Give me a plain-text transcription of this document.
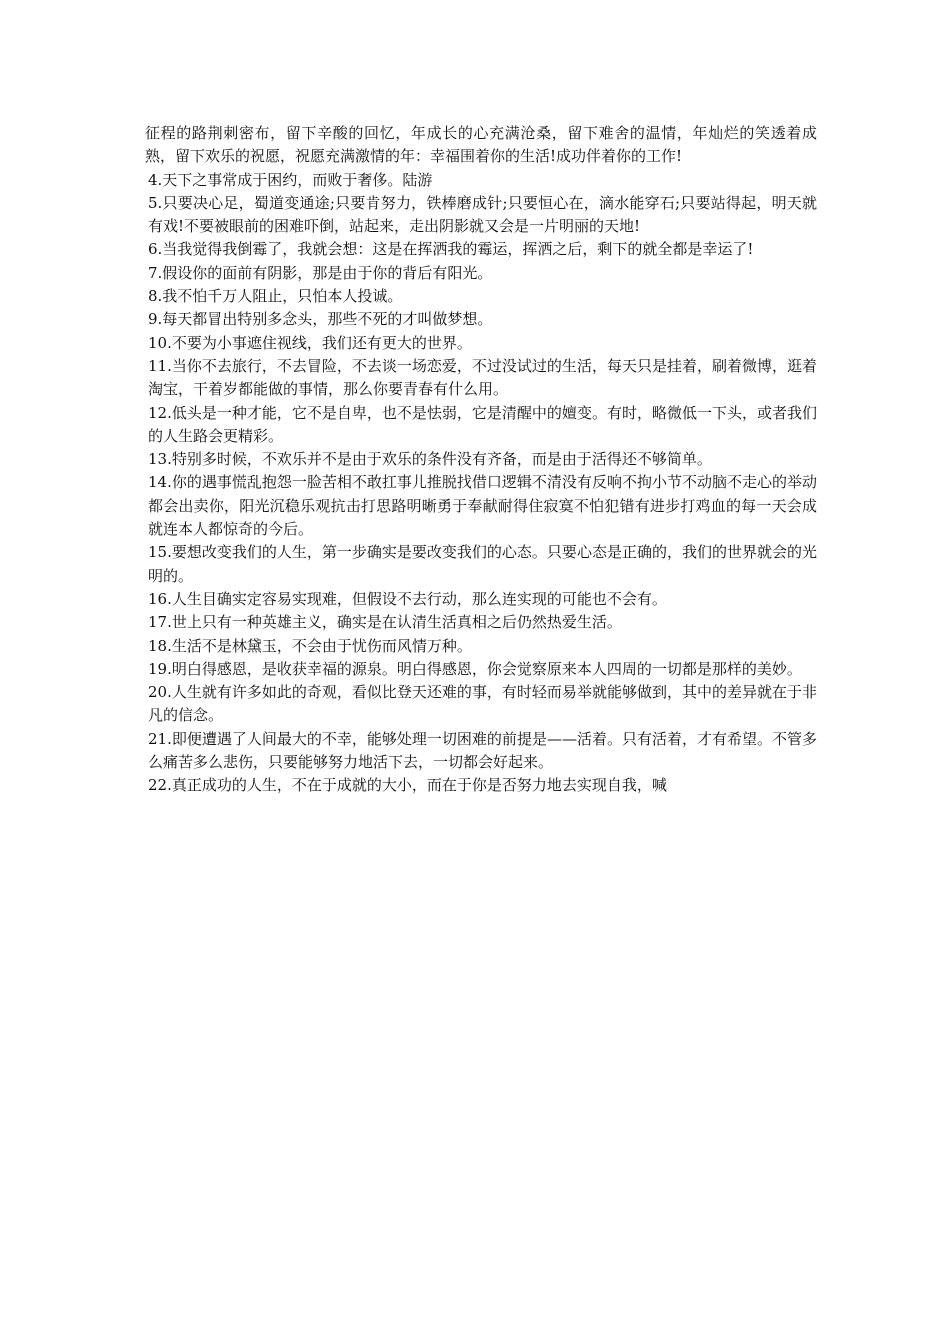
征程的路荆刺密布，留下辛酸的回忆，年成长的心充满沧桑，留下难舍的温情，年灿烂的笑透着成熟，留下欢乐的祝愿，祝愿充满激情的年：幸福围着你的生活!成功伴着你的工作!

4.天下之事常成于困约，而败于奢侈。陆游

5.只要决心足，蜀道变通途;只要肯努力，铁棒磨成针;只要恒心在，滴水能穿石;只要站得起，明天就有戏!不要被眼前的困难吓倒，站起来，走出阴影就又会是一片明丽的天地!

6.当我觉得我倒霉了，我就会想：这是在挥洒我的霉运，挥洒之后，剩下的就全都是幸运了!

7.假设你的面前有阴影，那是由于你的背后有阳光。

8.我不怕千万人阻止，只怕本人投诚。

9.每天都冒出特别多念头，那些不死的才叫做梦想。

10.不要为小事遮住视线，我们还有更大的世界。

11.当你不去旅行，不去冒险，不去谈一场恋爱，不过没试过的生活，每天只是挂着，刷着微博，逛着淘宝，干着岁都能做的事情，那么你要青春有什么用。

12.低头是一种才能，它不是自卑，也不是怯弱，它是清醒中的嬗变。有时，略微低一下头，或者我们的人生路会更精彩。

13.特别多时候，不欢乐并不是由于欢乐的条件没有齐备，而是由于活得还不够简单。

14.你的遇事慌乱抱怨一脸苦相不敢扛事儿推脱找借口逻辑不清没有反响不拘小节不动脑不走心的举动都会出卖你，阳光沉稳乐观抗击打思路明晰勇于奉献耐得住寂寞不怕犯错有进步打鸡血的每一天会成就连本人都惊奇的今后。

15.要想改变我们的人生，第一步确实是要改变我们的心态。只要心态是正确的，我们的世界就会的光明的。

16.人生目确实定容易实现难，但假设不去行动，那么连实现的可能也不会有。

17.世上只有一种英雄主义，确实是在认清生活真相之后仍然热爱生活。

18.生活不是林黛玉，不会由于忧伤而风情万种。

19.明白得感恩，是收获幸福的源泉。明白得感恩，你会觉察原来本人四周的一切都是那样的美妙。

20.人生就有许多如此的奇观，看似比登天还难的事，有时轻而易举就能够做到，其中的差异就在于非凡的信念。

21.即便遭遇了人间最大的不幸，能够处理一切困难的前提是——活着。只有活着，才有希望。不管多么痛苦多么悲伤，只要能够努力地活下去，一切都会好起来。

22.真正成功的人生，不在于成就的大小，而在于你是否努力地去实现自我，喊
